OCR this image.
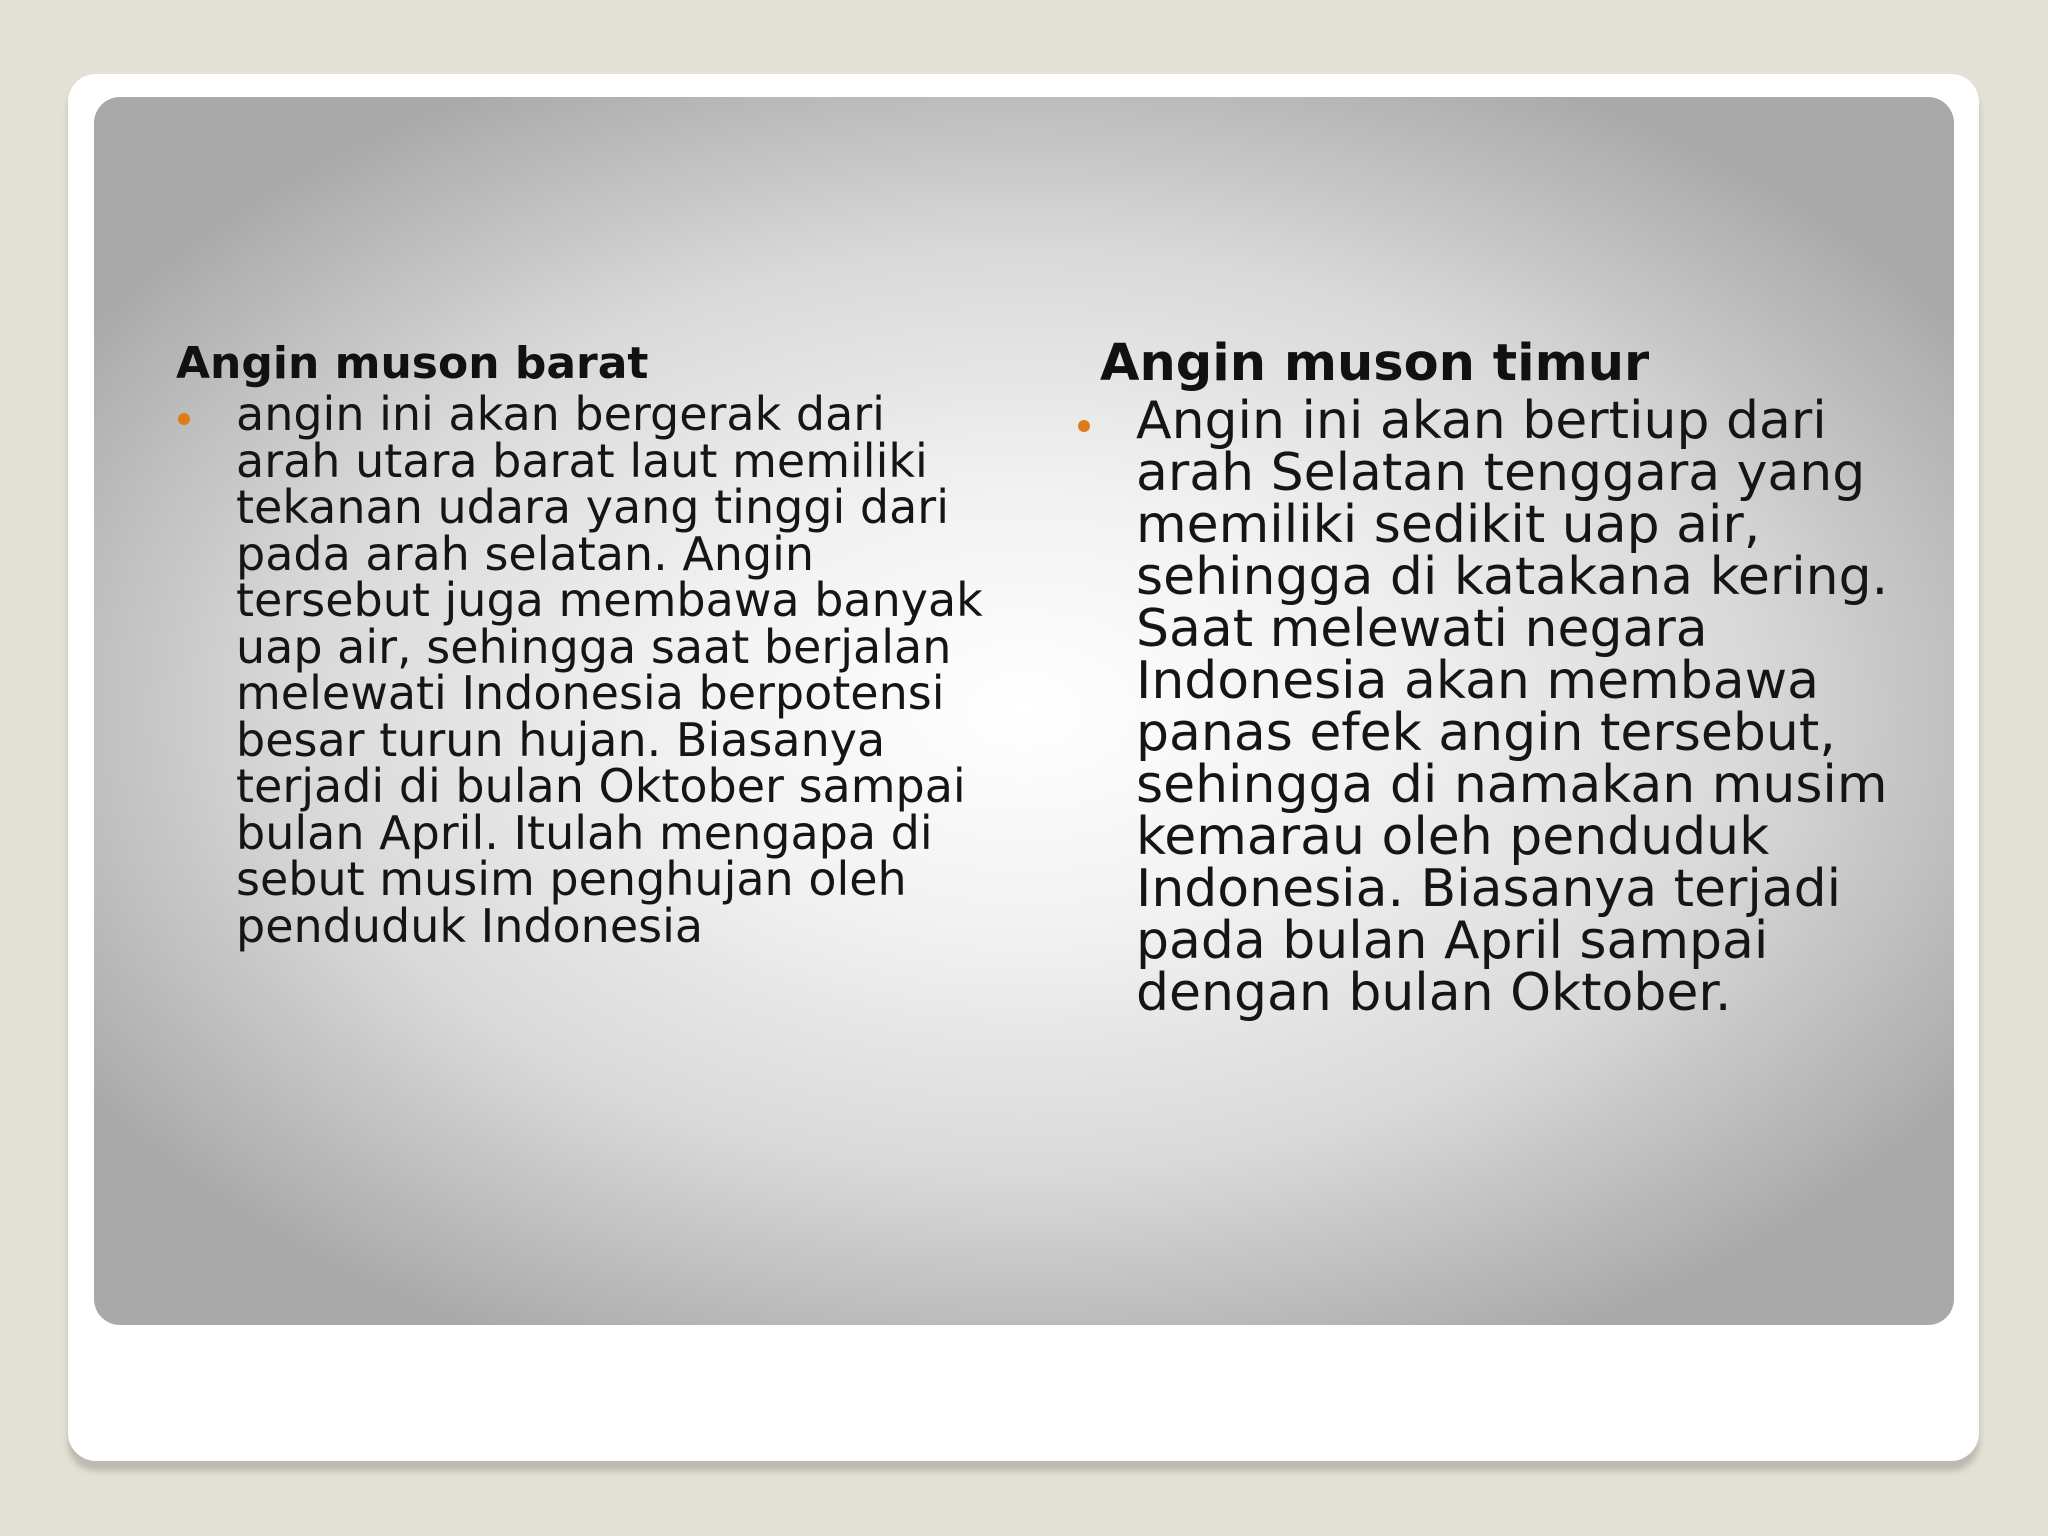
Angin muson barat

angin ini akan bergerak dari arah utara barat laut memiliki tekanan udara yang tinggi dari pada arah selatan. Angin tersebut juga membawa banyak uap air, sehingga saat berjalan melewati Indonesia berpotensi besar turun hujan. Biasanya terjadi di bulan Oktober sampai bulan April. Itulah mengapa di sebut musim penghujan oleh penduduk Indonesia

Angin muson timur

Angin ini akan bertiup dari arah Selatan tenggara yang memiliki sedikit uap air, sehingga di katakana kering. Saat melewati negara Indonesia akan membawa panas efek angin tersebut, sehingga di namakan musim kemarau oleh penduduk Indonesia. Biasanya terjadi pada bulan April sampai dengan bulan Oktober.
